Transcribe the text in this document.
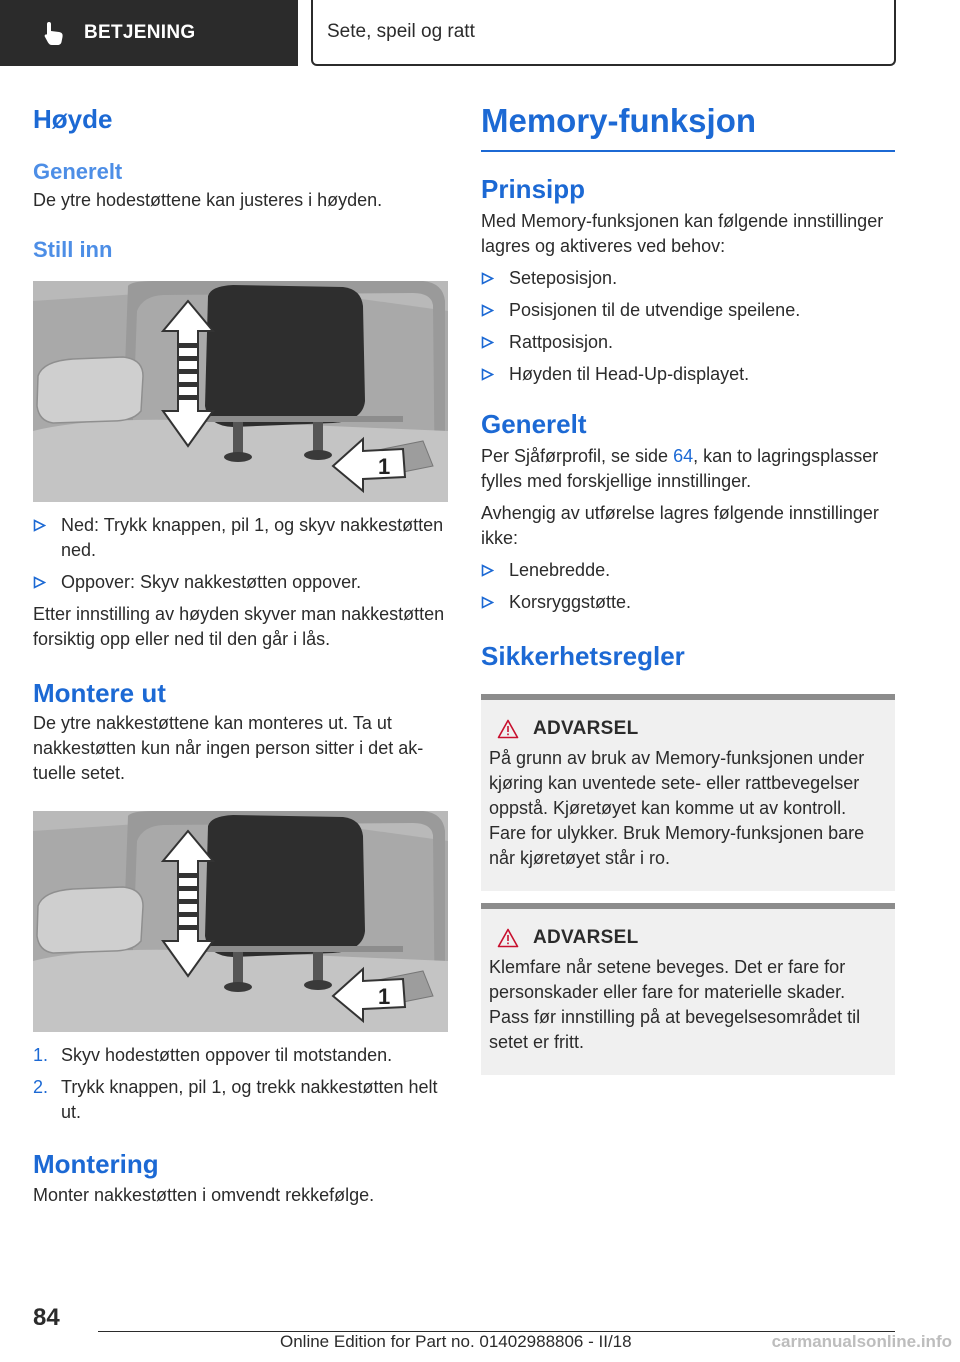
BETJENING	Sete, speil og ratt
Høyde
Generelt

De ytre hodestøttene kan justeres i høyden.

Still inn
1
Ned: Trykk knappen, pil 1, og skyv nakkestøtten ned.
Oppover: Skyv nakkestøtten oppover.

Etter innstilling av høyden skyver man nakkestøtten forsiktig opp eller ned til den går i lås.

Montere ut

De ytre nakkestøttene kan monteres ut. Ta ut nakkestøtten kun når ingen person sitter i det aktuelle setet.

1
1. Skyv hodestøtten oppover til motstanden.
2. Trykk knappen, pil 1, og trekk nakkestøtten helt ut.
Montering

Monter nakkestøtten i omvendt rekkefølge.

Memory-funksjon
Prinsipp

Med Memory-funksjonen kan følgende innstillinger lagres og aktiveres ved behov:

Seteposisjon.
Posisjonen til de utvendige speilene.
Rattposisjon.
Høyden til Head-Up-displayet.
Generelt

Per Sjåførprofil, se side 64, kan to lagringsplasser fylles med forskjellige innstillinger.

Avhengig av utførelse lagres følgende innstillinger ikke:

Lenebredde.
Korsryggstøtte.
Sikkerhetsregler
ADVARSEL

På grunn av bruk av Memory-funksjonen under kjøring kan uventede sete- eller rattbevegelser oppstå. Kjøretøyet kan komme ut av kontroll. Fare for ulykker. Bruk Memory-funksjonen bare når kjøretøyet står i ro.

ADVARSEL

Klemfare når setene beveges. Det er fare for personskader eller fare for materielle skader. Pass før innstilling på at bevegelsesområdet til setet er fritt.

84
Online Edition for Part no. 01402988806 - II/18	carmanualsonline.info
